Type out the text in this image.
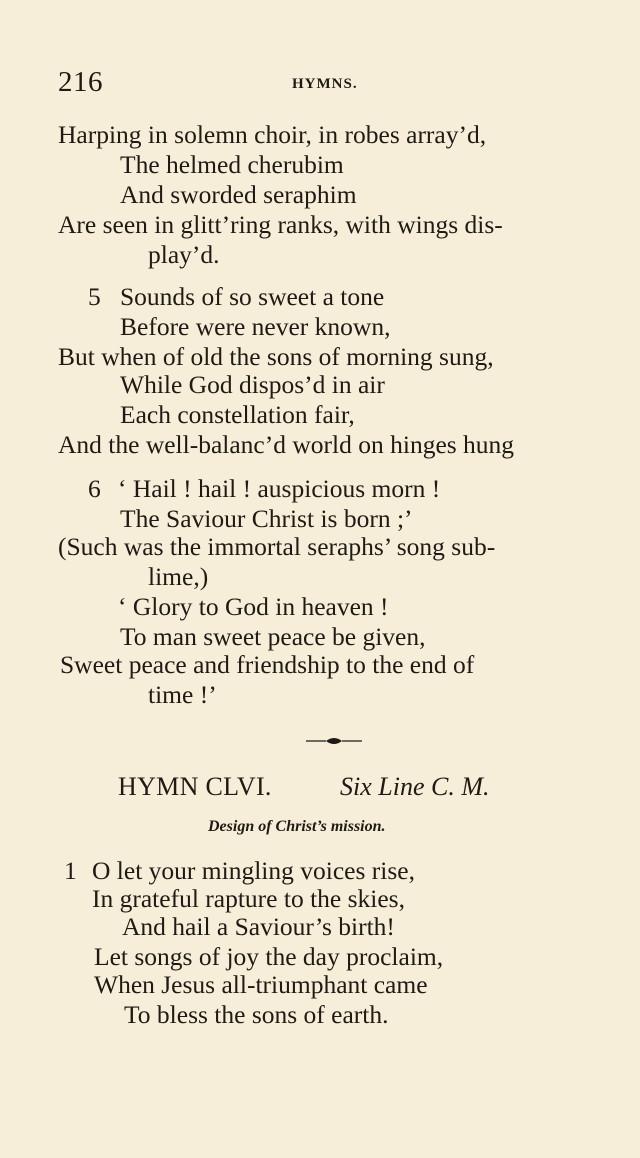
216	HYMNS.
Harping in solemn choir, in robes array’d,
The helmed cherubim
And sworded seraphim
Are seen in glitt’ring ranks, with wings dis-
play’d.
5 Sounds of so sweet a tone
Before were never known,
But when of old the sons of morning sung,
While God dispos’d in air
Each constellation fair,
And the well-balanc’d world on hinges hung
6 ‘ Hail ! hail ! auspicious morn !
The Saviour Christ is born ;’
(Such was the immortal seraphs’ song sub-
lime,)
‘ Glory to God in heaven !
To man sweet peace be given,
Sweet peace and friendship to the end of
time !’
HYMN CLVI.	Six Line C. M.
Design of Christ’s mission.
1 O let your mingling voices rise,
In grateful rapture to the skies,
And hail a Saviour’s birth!
Let songs of joy the day proclaim,
When Jesus all-triumphant came
To bless the sons of earth.
